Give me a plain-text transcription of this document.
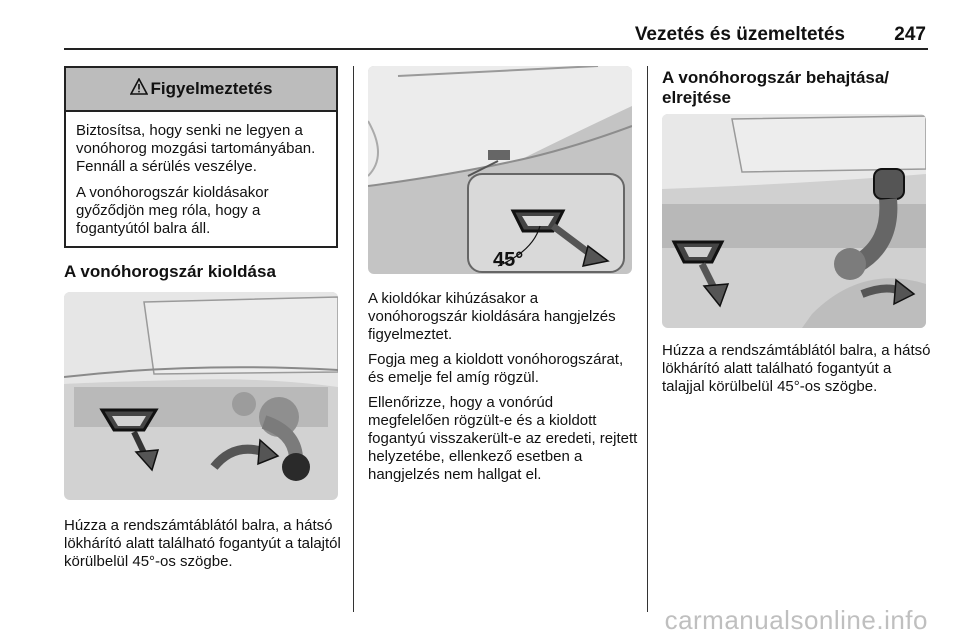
Vezetés és üzemeltetés	247
Figyelmeztetés

Biztosítsa, hogy senki ne legyen a vonóhorog mozgási tartományában. Fennáll a sérülés veszélye.

A vonóhorogszár kioldásakor győződjön meg róla, hogy a fogantyútól balra áll.

A vonóhorogszár kioldása

Húzza a rendszámtáblától balra, a hátsó lökhárító alatt található fogantyút a talajtól körülbelül 45°-os szögbe.

45°

A kioldókar kihúzásakor a vonóhorogszár kioldására hangjelzés figyelmeztet.

Fogja meg a kioldott vonóhorogszárat, és emelje fel amíg rögzül.

Ellenőrizze, hogy a vonórúd megfelelően rögzült-e és a kioldott fogantyú visszakerült-e az eredeti, rejtett helyzetébe, ellenkező esetben a hangjelzés nem hallgat el.

A vonóhorogszár behajtása/ elrejtése

Húzza a rendszámtáblától balra, a hátsó lökhárító alatt található fogantyút a talajjal körülbelül 45°-os szögbe.

carmanualsonline.info
